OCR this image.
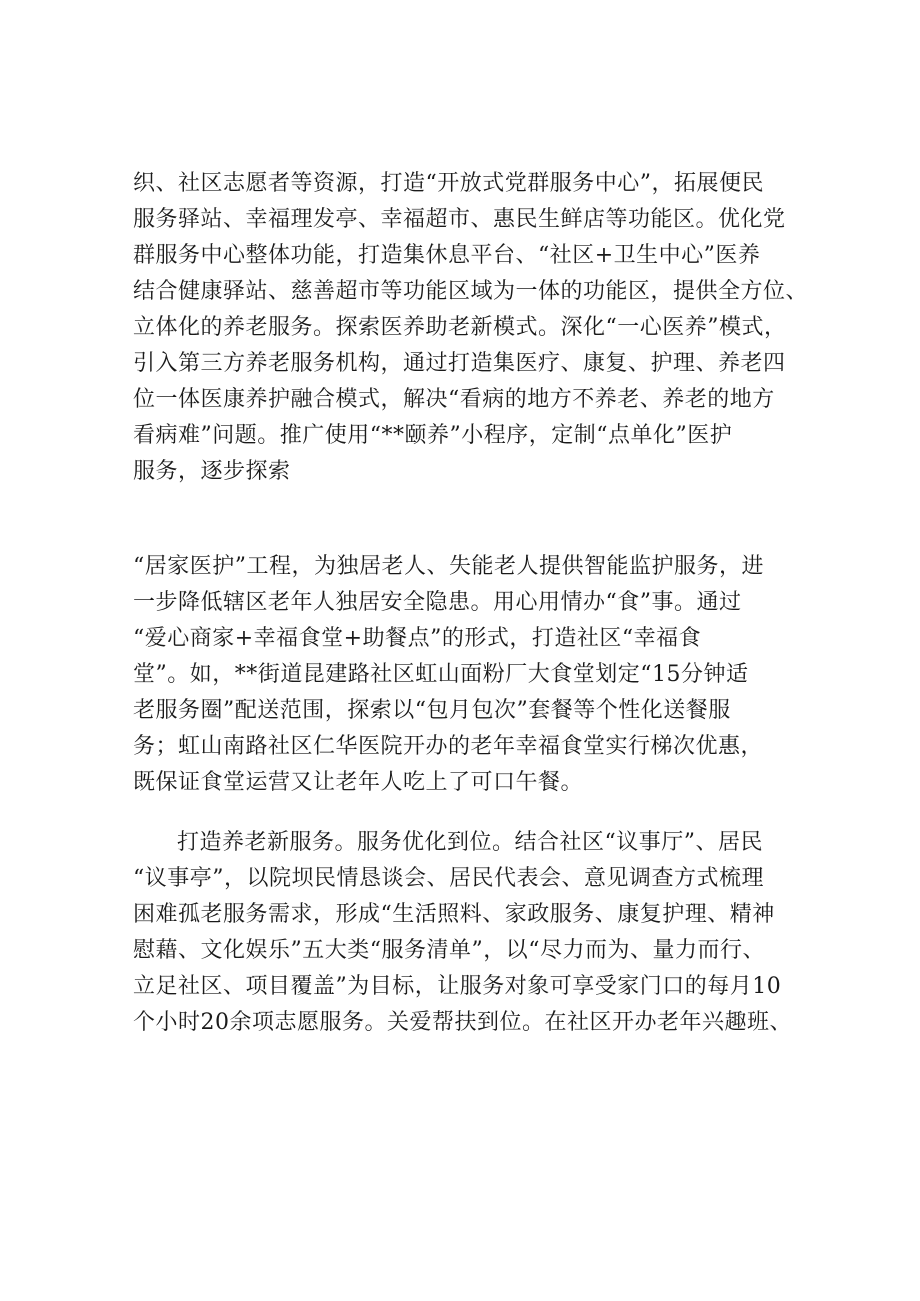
织、社区志愿者等资源，打造“开放式党群服务中心”，拓展便民
服务驿站、幸福理发亭、幸福超市、惠民生鲜店等功能区。优化党
群服务中心整体功能，打造集休息平台、“社区+卫生中心”医养
结合健康驿站、慈善超市等功能区域为一体的功能区，提供全方位、
立体化的养老服务。探索医养助老新模式。深化“一心医养”模式，
引入第三方养老服务机构，通过打造集医疗、康复、护理、养老四
位一体医康养护融合模式，解决“看病的地方不养老、养老的地方
看病难”问题。推广使用“**颐养”小程序，定制“点单化”医护
服务，逐步探索
“居家医护”工程，为独居老人、失能老人提供智能监护服务，进
一步降低辖区老年人独居安全隐患。用心用情办“食”事。通过
“爱心商家+幸福食堂+助餐点”的形式，打造社区“幸福食
堂”。如，**街道昆建路社区虹山面粉厂大食堂划定“15分钟适
老服务圈”配送范围，探索以“包月包次”套餐等个性化送餐服
务；虹山南路社区仁华医院开办的老年幸福食堂实行梯次优惠，
既保证食堂运营又让老年人吃上了可口午餐。
打造养老新服务。服务优化到位。结合社区“议事厅”、居民
“议事亭”，以院坝民情恳谈会、居民代表会、意见调查方式梳理
困难孤老服务需求，形成“生活照料、家政服务、康复护理、精神
慰藉、文化娱乐”五大类“服务清单”，以“尽力而为、量力而行、
立足社区、项目覆盖”为目标，让服务对象可享受家门口的每月10
个小时20余项志愿服务。关爱帮扶到位。在社区开办老年兴趣班、
